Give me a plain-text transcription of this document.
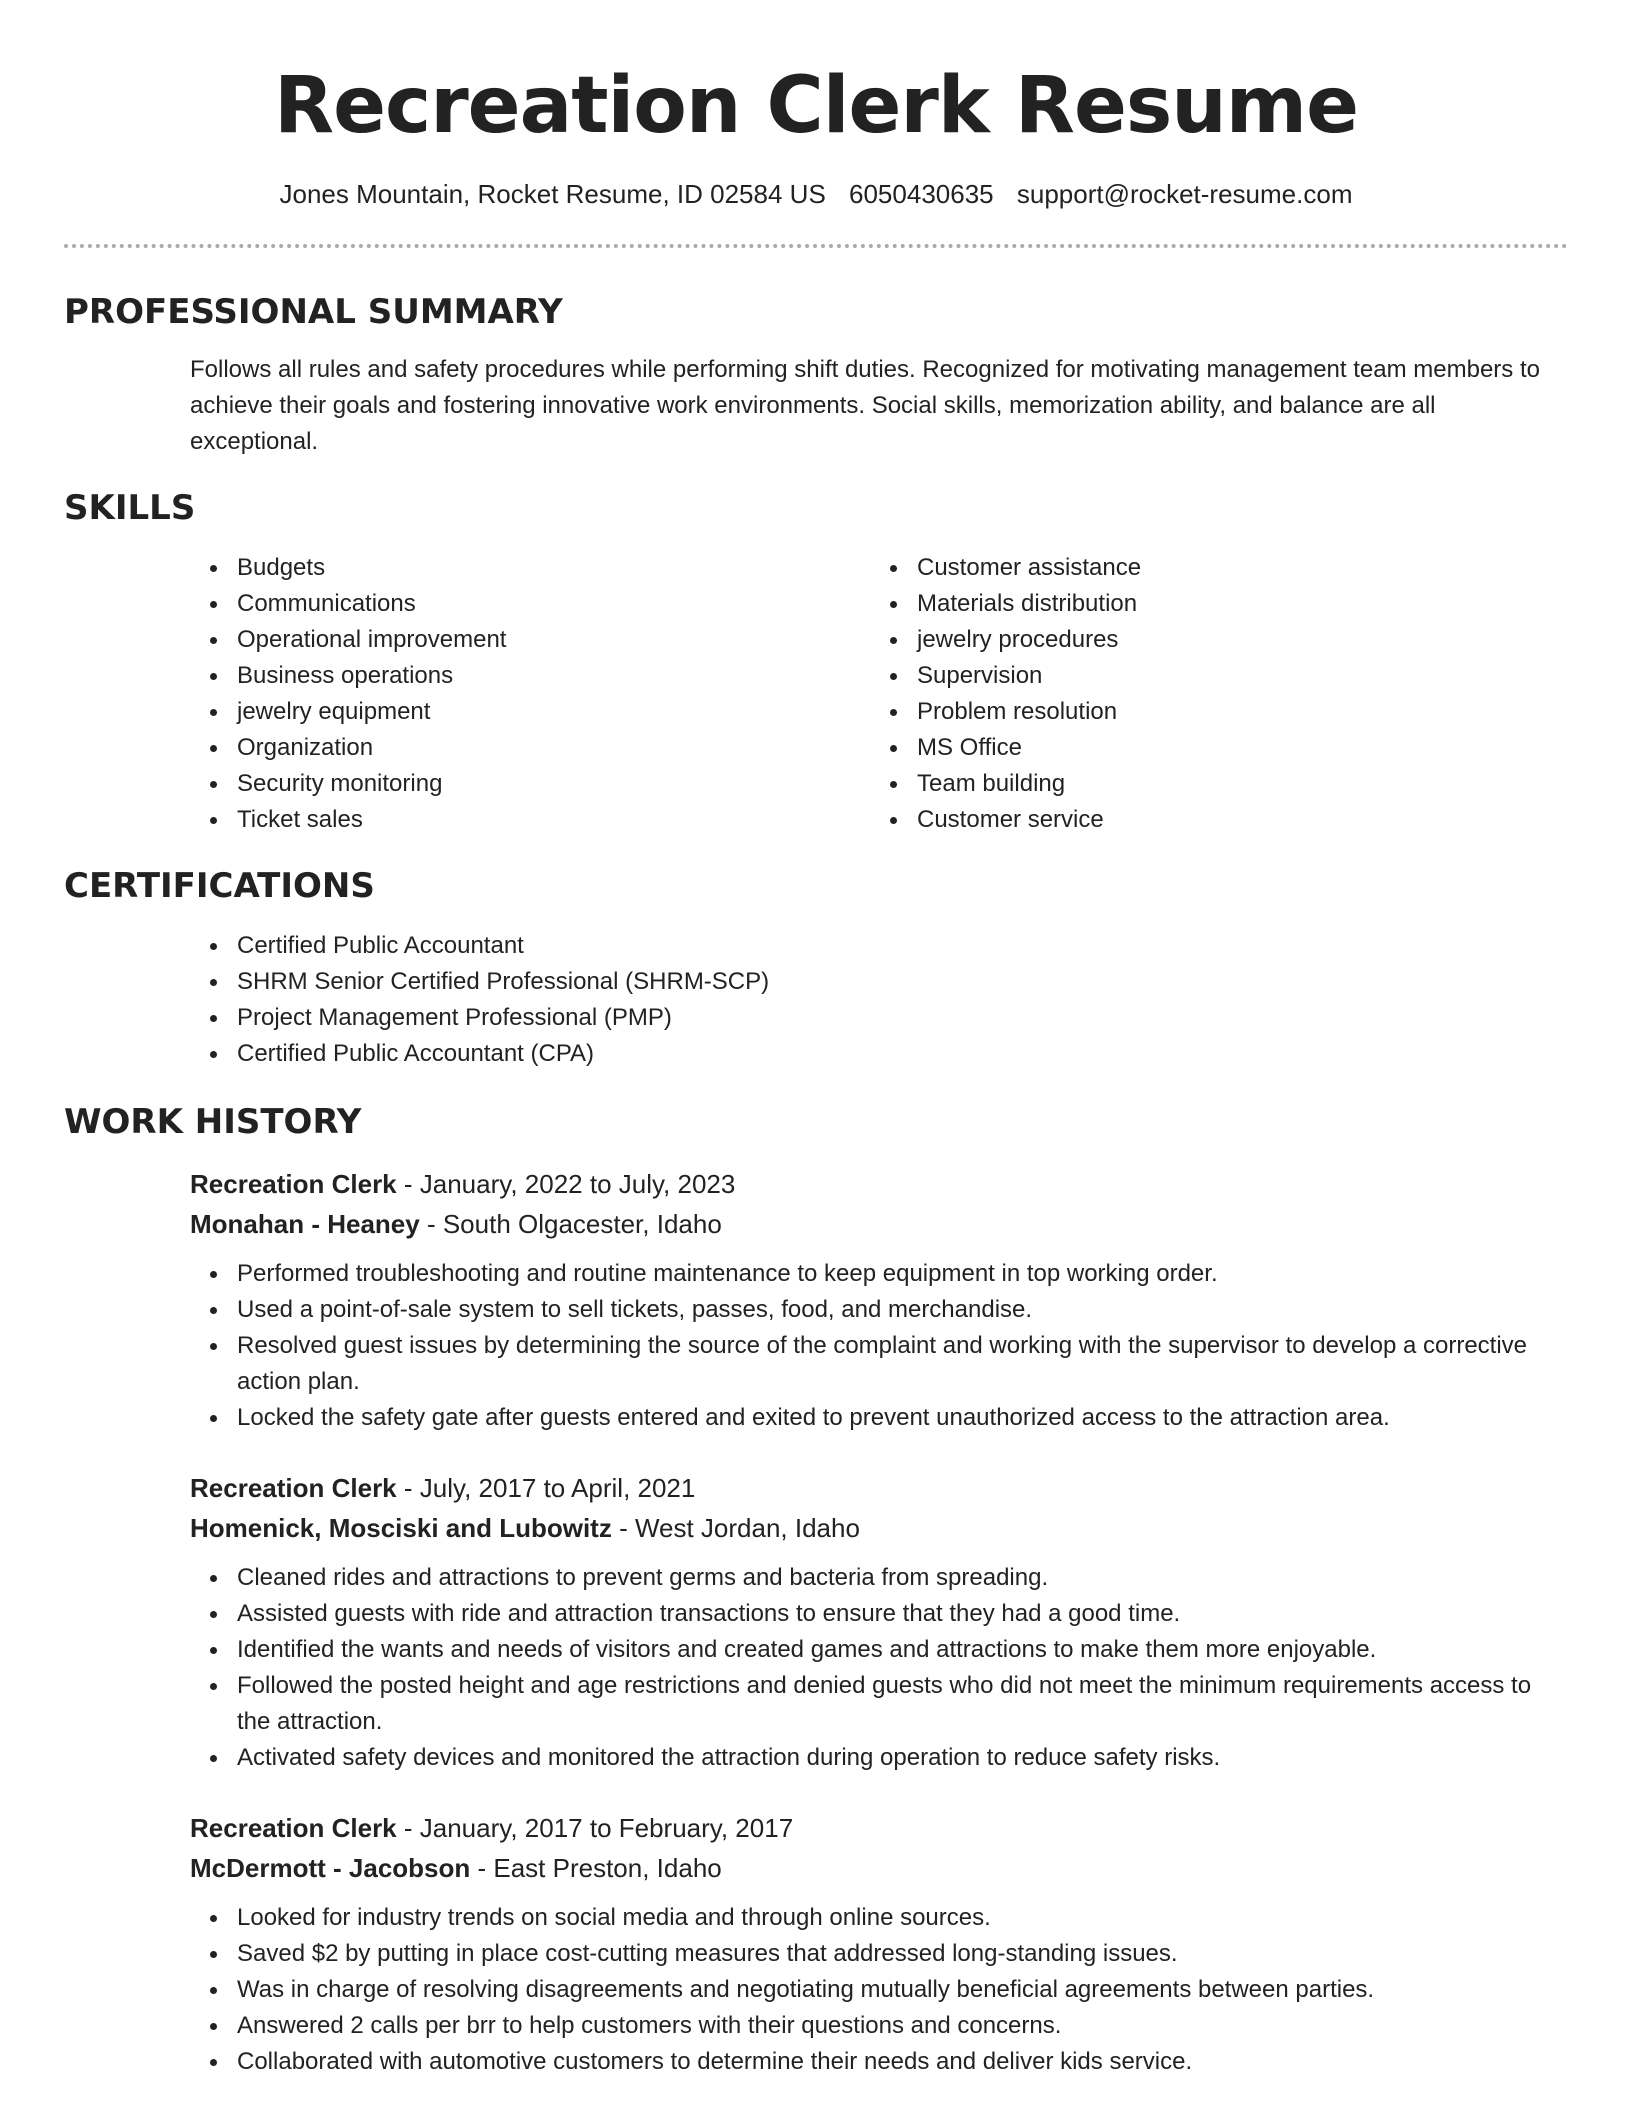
Recreation Clerk Resume
Jones Mountain, Rocket Resume, ID 02584 US 6050430635 support@rocket-resume.com
PROFESSIONAL SUMMARY
Follows all rules and safety procedures while performing shift duties. Recognized for motivating management team members to achieve their goals and fostering innovative work environments. Social skills, memorization ability, and balance are all exceptional.
SKILLS
Budgets
Communications
Operational improvement
Business operations
jewelry equipment
Organization
Security monitoring
Ticket sales
Customer assistance
Materials distribution
jewelry procedures
Supervision
Problem resolution
MS Office
Team building
Customer service
CERTIFICATIONS
Certified Public Accountant
SHRM Senior Certified Professional (SHRM-SCP)
Project Management Professional (PMP)
Certified Public Accountant (CPA)
WORK HISTORY
Recreation Clerk - January, 2022 to July, 2023
Monahan - Heaney - South Olgacester, Idaho
Performed troubleshooting and routine maintenance to keep equipment in top working order.
Used a point-of-sale system to sell tickets, passes, food, and merchandise.
Resolved guest issues by determining the source of the complaint and working with the supervisor to develop a corrective action plan.
Locked the safety gate after guests entered and exited to prevent unauthorized access to the attraction area.
Recreation Clerk - July, 2017 to April, 2021
Homenick, Mosciski and Lubowitz - West Jordan, Idaho
Cleaned rides and attractions to prevent germs and bacteria from spreading.
Assisted guests with ride and attraction transactions to ensure that they had a good time.
Identified the wants and needs of visitors and created games and attractions to make them more enjoyable.
Followed the posted height and age restrictions and denied guests who did not meet the minimum requirements access to the attraction.
Activated safety devices and monitored the attraction during operation to reduce safety risks.
Recreation Clerk - January, 2017 to February, 2017
McDermott - Jacobson - East Preston, Idaho
Looked for industry trends on social media and through online sources.
Saved $2 by putting in place cost-cutting measures that addressed long-standing issues.
Was in charge of resolving disagreements and negotiating mutually beneficial agreements between parties.
Answered 2 calls per brr to help customers with their questions and concerns.
Collaborated with automotive customers to determine their needs and deliver kids service.
